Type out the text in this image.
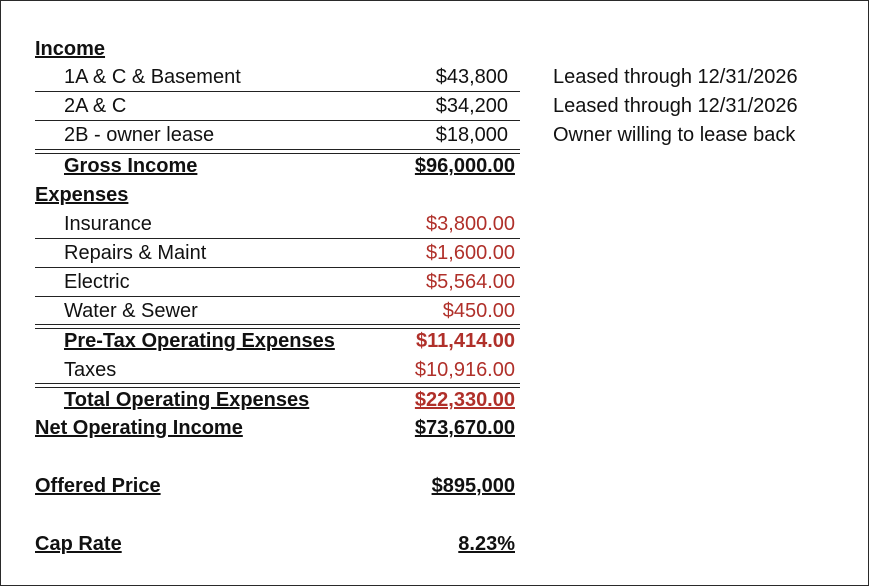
Income
1A & C & Basement	$43,800 Leased through 12/31/2026
2A & C	$34,200 Leased through 12/31/2026
2B - owner lease	$18,000 Owner willing to lease back
Gross Income	$96,000.00
Expenses
Insurance	$3,800.00
Repairs & Maint	$1,600.00
Electric	$5,564.00
Water & Sewer	$450.00
Pre-Tax Operating Expenses	$11,414.00
Taxes	$10,916.00
Total Operating Expenses	$22,330.00
Net Operating Income	$73,670.00
Offered Price	$895,000
Cap Rate	8.23%
